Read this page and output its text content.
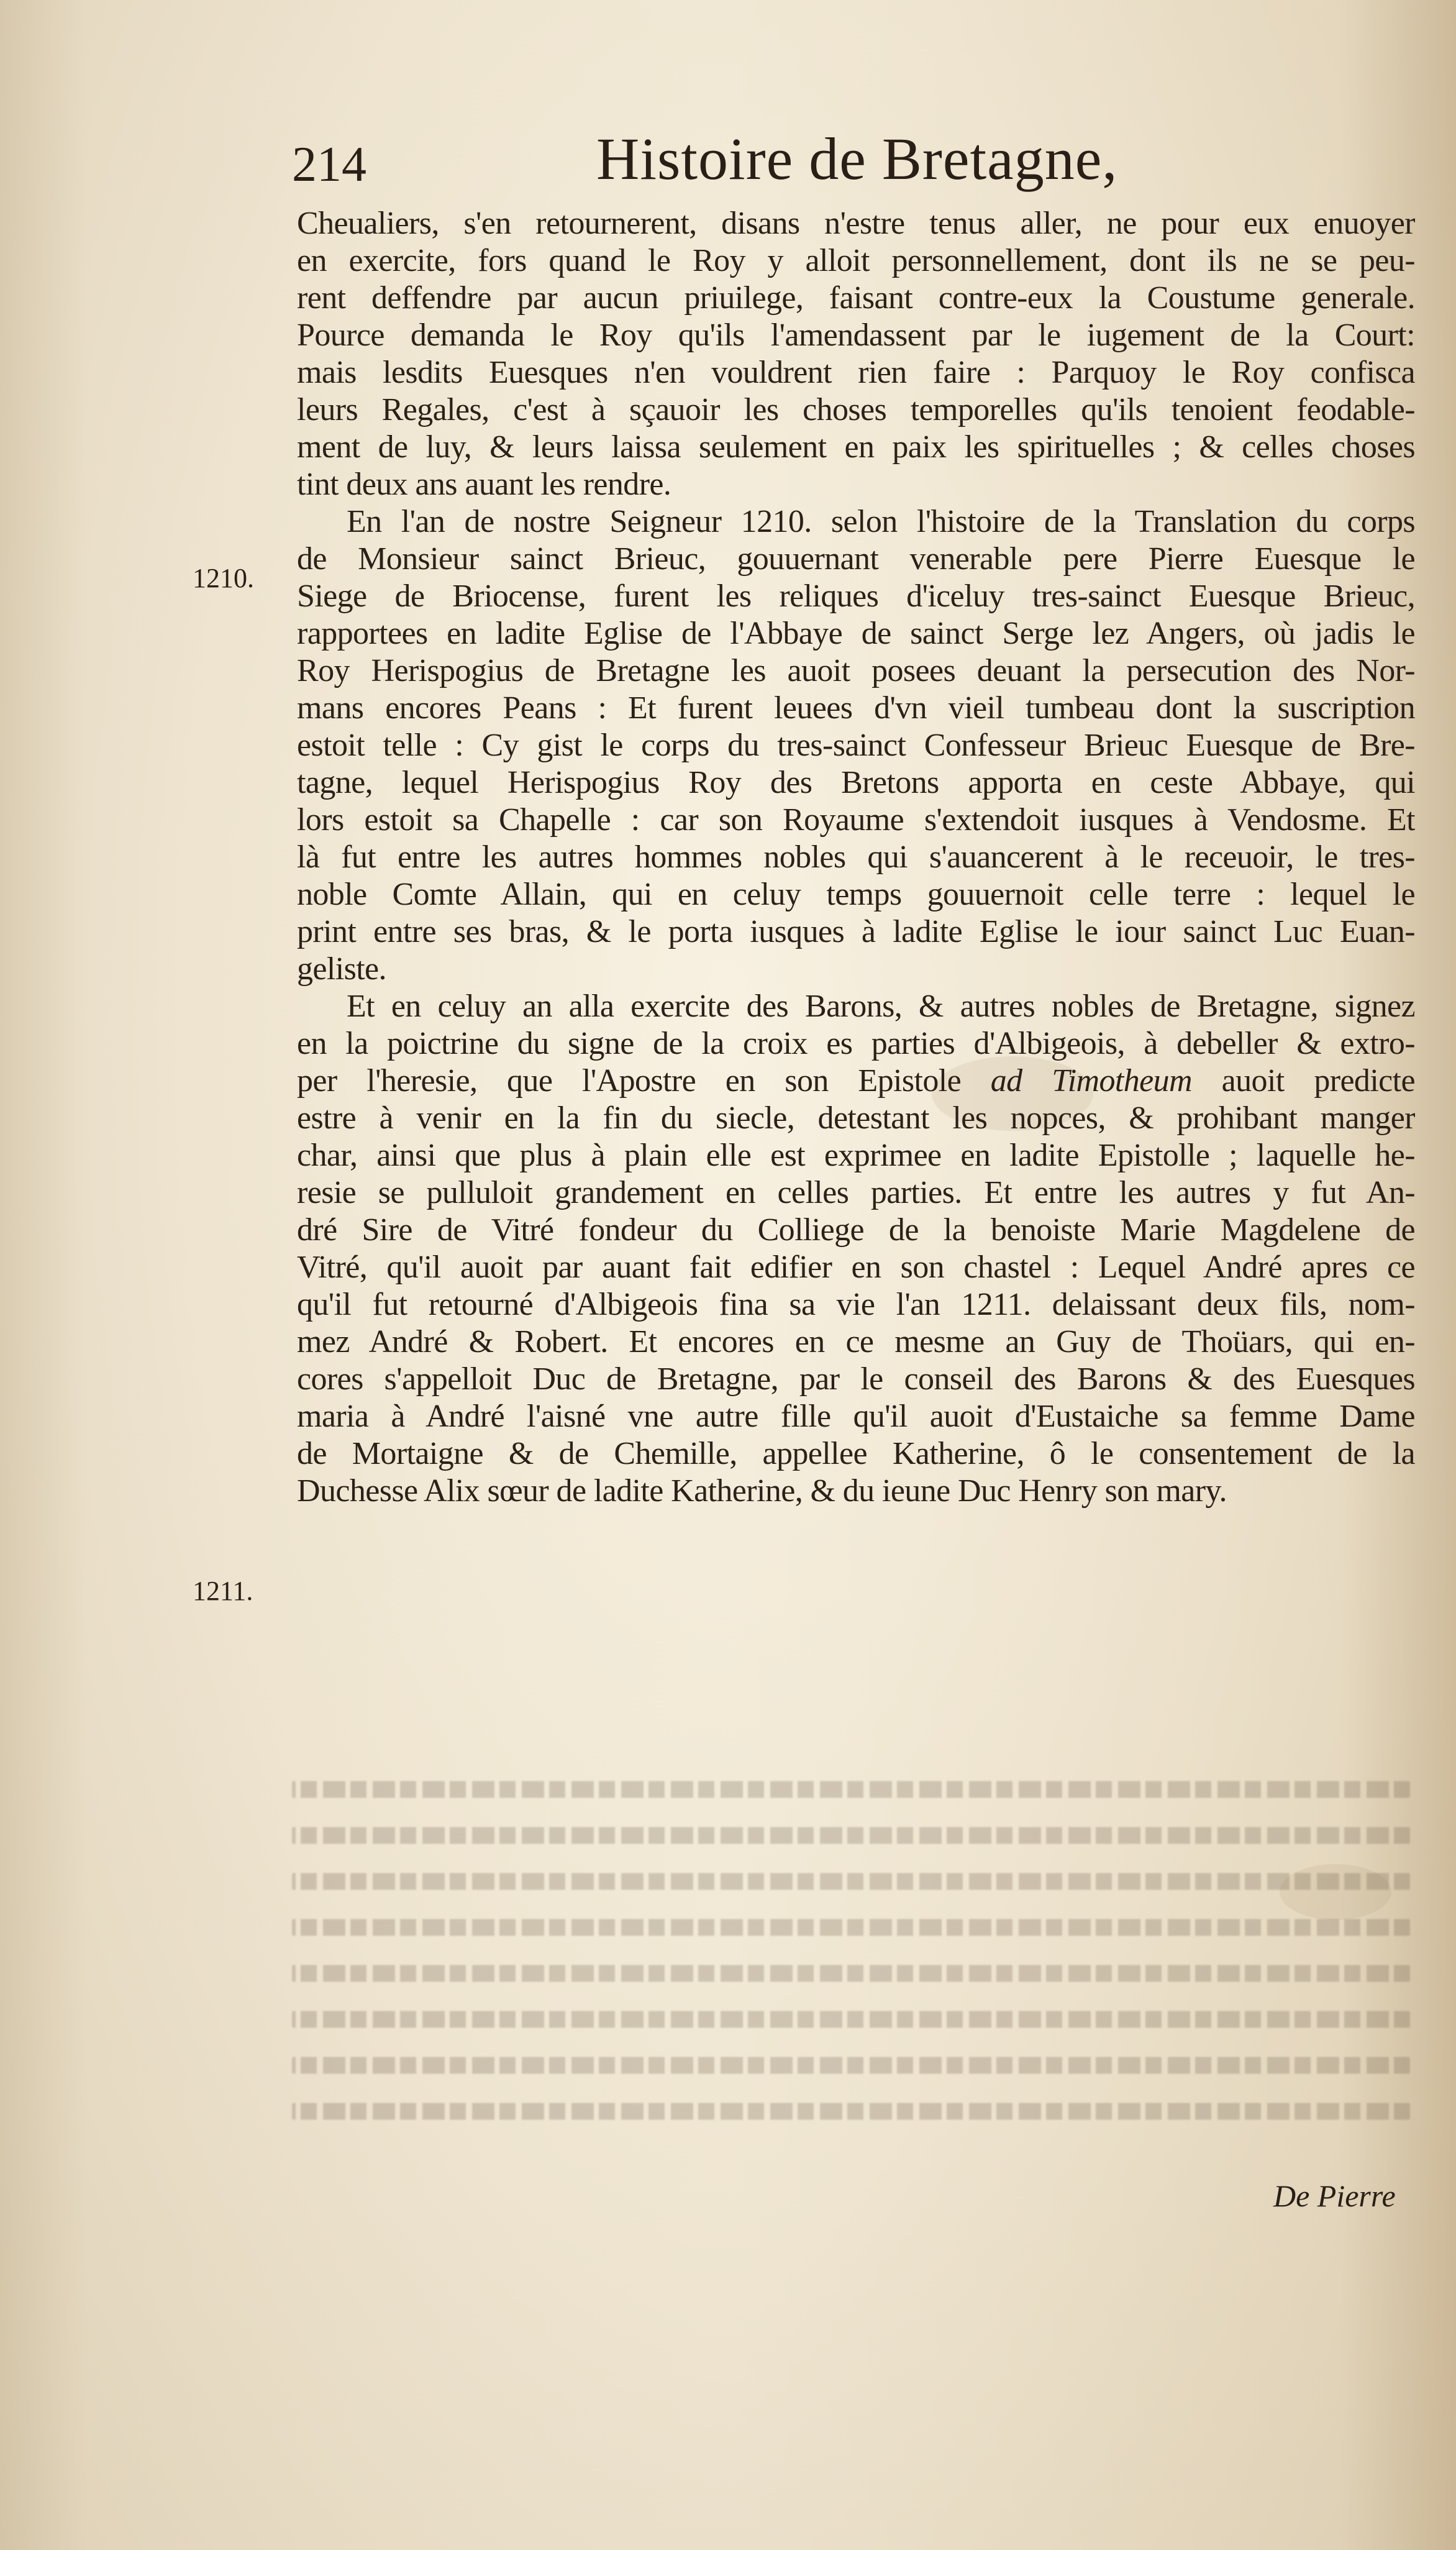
214	Histoire de Bretagne,
1210.
1211.
Cheualiers, s'en retournerent, disans n'estre tenus aller, ne pour eux enuoyer
en exercite, fors quand le Roy y alloit personnellement, dont ils ne se peu-
rent deffendre par aucun priuilege, faisant contre-eux la Coustume generale.
Pource demanda le Roy qu'ils l'amendassent par le iugement de la Court:
mais lesdits Euesques n'en vouldrent rien faire : Parquoy le Roy confisca
leurs Regales, c'est à sçauoir les choses temporelles qu'ils tenoient feodable-
ment de luy, & leurs laissa seulement en paix les spirituelles ; & celles choses
tint deux ans auant les rendre.
En l'an de nostre Seigneur 1210. selon l'histoire de la Translation du corps
de Monsieur sainct Brieuc, gouuernant venerable pere Pierre Euesque le
Siege de Briocense, furent les reliques d'iceluy tres-sainct Euesque Brieuc,
rapportees en ladite Eglise de l'Abbaye de sainct Serge lez Angers, où jadis le
Roy Herispogius de Bretagne les auoit posees deuant la persecution des Nor-
mans encores Peans : Et furent leuees d'vn vieil tumbeau dont la suscription
estoit telle : Cy gist le corps du tres-sainct Confesseur Brieuc Euesque de Bre-
tagne, lequel Herispogius Roy des Bretons apporta en ceste Abbaye, qui
lors estoit sa Chapelle : car son Royaume s'extendoit iusques à Vendosme. Et
là fut entre les autres hommes nobles qui s'auancerent à le receuoir, le tres-
noble Comte Allain, qui en celuy temps gouuernoit celle terre : lequel le
print entre ses bras, & le porta iusques à ladite Eglise le iour sainct Luc Euan-
geliste.
Et en celuy an alla exercite des Barons, & autres nobles de Bretagne, signez
en la poictrine du signe de la croix es parties d'Albigeois, à debeller & extro-
per l'heresie, que l'Apostre en son Epistole ad Timotheum auoit predicte
estre à venir en la fin du siecle, detestant les nopces, & prohibant manger
char, ainsi que plus à plain elle est exprimee en ladite Epistolle ; laquelle he-
resie se pulluloit grandement en celles parties. Et entre les autres y fut An-
dré Sire de Vitré fondeur du Colliege de la benoiste Marie Magdelene de
Vitré, qu'il auoit par auant fait edifier en son chastel : Lequel André apres ce
qu'il fut retourné d'Albigeois fina sa vie l'an 1211. delaissant deux fils, nom-
mez André & Robert. Et encores en ce mesme an Guy de Thoüars, qui en-
cores s'appelloit Duc de Bretagne, par le conseil des Barons & des Euesques
maria à André l'aisné vne autre fille qu'il auoit d'Eustaiche sa femme Dame
de Mortaigne & de Chemille, appellee Katherine, ô le consentement de la
Duchesse Alix sœur de ladite Katherine, & du ieune Duc Henry son mary.
De Pierre
